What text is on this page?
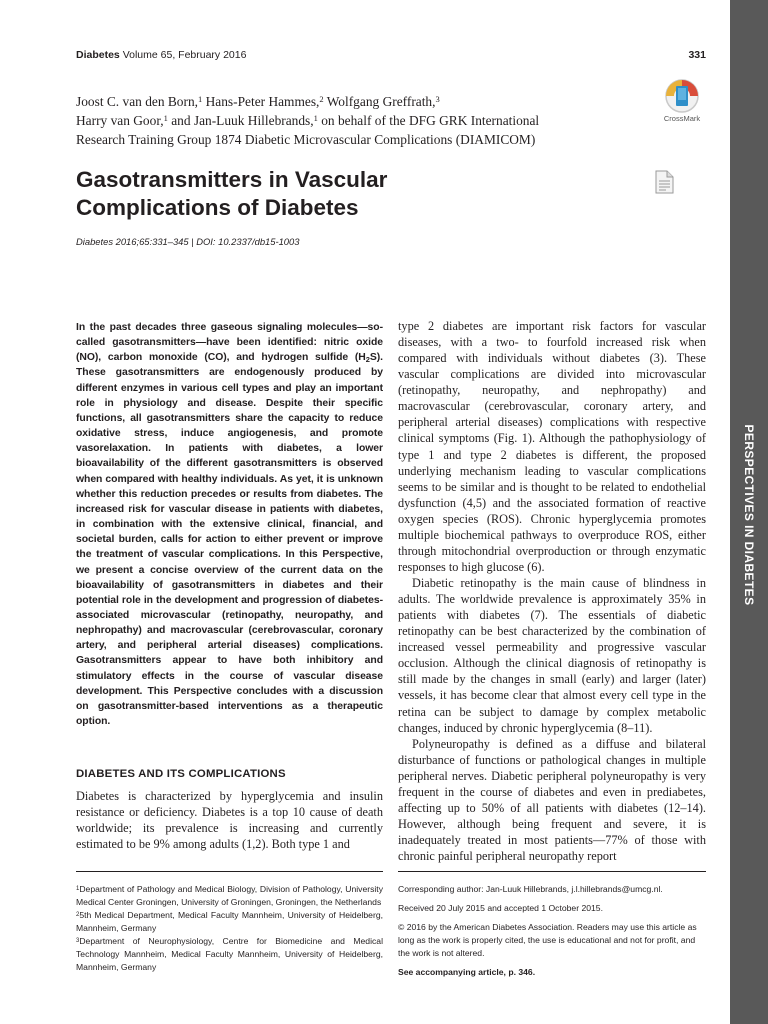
PERSPECTIVES IN DIABETES
Diabetes Volume 65, February 2016	331

Joost C. van den Born,$^1$ Hans-Peter Hammes,$^2$ Wolfgang Greffrath,$^3$

Harry van Goor,$^1$ and Jan-Luuk Hillebrands,$^1$ on behalf of the DFG GRK International

Research Training Group 1874 Diabetic Microvascular Complications (DIAMICOM)

CrossMark
Gasotransmitters in Vascular
Complications of Diabetes
Diabetes 2016;65:331–345 | DOI: 10.2337/db15-1003

In the past decades three gaseous signaling molecules—so-called gasotransmitters—have been identified: nitric oxide (NO), carbon monoxide (CO), and hydrogen sulfide $(H_2S)$. These gasotransmitters are endogenously produced by different enzymes in various cell types and play an important role in physiology and disease. Despite their specific functions, all gasotransmitters share the capacity to reduce oxidative stress, induce angiogenesis, and promote vasorelaxation. In patients with diabetes, a lower bioavailability of the different gasotransmitters is observed when compared with healthy individuals. As yet, it is unknown whether this reduction precedes or results from diabetes. The increased risk for vascular disease in patients with diabetes, in combination with the extensive clinical, financial, and societal burden, calls for action to either prevent or improve the treatment of vascular complications. In this Perspective, we present a concise overview of the current data on the bioavailability of gasotransmitters in diabetes and their potential role in the development and progression of diabetes-associated microvascular (retinopathy, neuropathy, and nephropathy) and macrovascular (cerebrovascular, coronary artery, and peripheral arterial diseases) complications. Gasotransmitters appear to have both inhibitory and stimulatory effects in the course of vascular disease development. This Perspective concludes with a discussion on gasotransmitter-based interventions as a therapeutic option.

DIABETES AND ITS COMPLICATIONS

Diabetes is characterized by hyperglycemia and insulin resistance or deficiency. Diabetes is a top 10 cause of death worldwide; its prevalence is increasing and currently estimated to be 9% among adults (1,2). Both type 1 and

type 2 diabetes are important risk factors for vascular diseases, with a two- to fourfold increased risk when compared with individuals without diabetes (3). These vascular complications are divided into microvascular (retinopathy, neuropathy, and nephropathy) and macrovascular (cerebrovascular, coronary artery, and peripheral arterial diseases) complications with respective clinical symptoms (Fig. 1). Although the pathophysiology of type 1 and type 2 diabetes is different, the proposed underlying mechanism leading to vascular complications seems to be similar and is thought to be related to endothelial dysfunction (4,5) and the associated formation of reactive oxygen species (ROS). Chronic hyperglycemia promotes multiple biochemical pathways to overproduce ROS, either through mitochondrial overproduction or through enzymatic responses to high glucose (6).

Diabetic retinopathy is the main cause of blindness in adults. The worldwide prevalence is approximately 35% in patients with diabetes (7). The essentials of diabetic retinopathy can be best characterized by the combination of increased vessel permeability and progressive vascular occlusion. Although the clinical diagnosis of retinopathy is still made by the changes in small (early) and larger (later) vessels, it has become clear that almost every cell type in the retina can be subject to damage by complex metabolic changes, induced by chronic hyperglycemia (8–11).

Polyneuropathy is defined as a diffuse and bilateral disturbance of functions or pathological changes in multiple peripheral nerves. Diabetic peripheral polyneuropathy is very frequent in the course of diabetes and even in prediabetes, affecting up to 50% of all patients with diabetes (12–14). However, although being frequent and severe, it is inadequately treated in most patients—77% of those with chronic painful peripheral neuropathy report

$^1$Department of Pathology and Medical Biology, Division of Pathology, University Medical Center Groningen, University of Groningen, Groningen, the Netherlands

$^2$5th Medical Department, Medical Faculty Mannheim, University of Heidelberg, Mannheim, Germany

$^3$Department of Neurophysiology, Centre for Biomedicine and Medical Technology Mannheim, Medical Faculty Mannheim, University of Heidelberg, Mannheim, Germany

Corresponding author: Jan-Luuk Hillebrands, j.l.hillebrands@umcg.nl.

Received 20 July 2015 and accepted 1 October 2015.

© 2016 by the American Diabetes Association. Readers may use this article as long as the work is properly cited, the use is educational and not for profit, and the work is not altered.

See accompanying article, p. 346.
